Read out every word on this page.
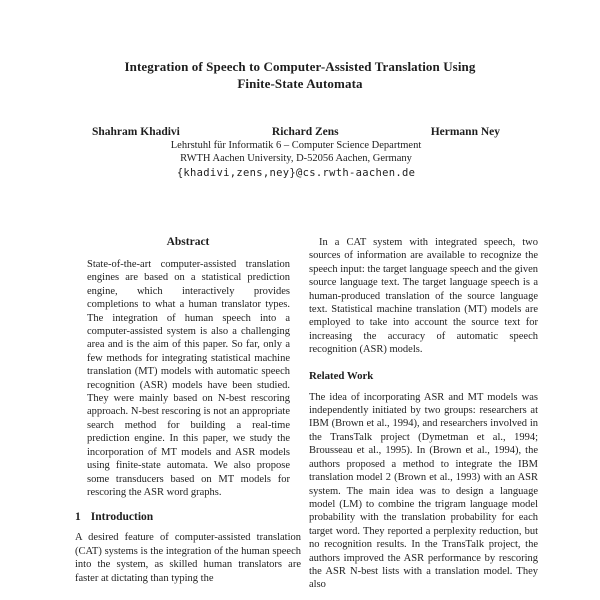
Integration of Speech to Computer-Assisted Translation Using
Finite-State Automata
Shahram Khadivi	Richard Zens	Hermann Ney
Lehrstuhl für Informatik 6 – Computer Science Department
RWTH Aachen University, D-52056 Aachen, Germany
{khadivi,zens,ney}@cs.rwth-aachen.de
Abstract
State-of-the-art computer-assisted translation engines are based on a statistical prediction engine, which interactively provides completions to what a human translator types. The integration of human speech into a computer-assisted system is also a challenging area and is the aim of this paper. So far, only a few methods for integrating statistical machine translation (MT) models with automatic speech recognition (ASR) models have been studied. They were mainly based on N-best rescoring approach. N-best rescoring is not an appropriate search method for building a real-time prediction engine. In this paper, we study the incorporation of MT models and ASR models using finite-state automata. We also propose some transducers based on MT models for rescoring the ASR word graphs.
1 Introduction
A desired feature of computer-assisted translation (CAT) systems is the integration of the human speech into the system, as skilled human translators are faster at dictating than typing the
In a CAT system with integrated speech, two sources of information are available to recognize the speech input: the target language speech and the given source language text. The target language speech is a human-produced translation of the source language text. Statistical machine translation (MT) models are employed to take into account the source text for increasing the accuracy of automatic speech recognition (ASR) models.
Related Work
The idea of incorporating ASR and MT models was independently initiated by two groups: researchers at IBM (Brown et al., 1994), and researchers involved in the TransTalk project (Dymetman et al., 1994; Brousseau et al., 1995). In (Brown et al., 1994), the authors proposed a method to integrate the IBM translation model 2 (Brown et al., 1993) with an ASR system. The main idea was to design a language model (LM) to combine the trigram language model probability with the translation probability for each target word. They reported a perplexity reduction, but no recognition results. In the TransTalk project, the authors improved the ASR performance by rescoring the ASR N-best lists with a translation model. They also
